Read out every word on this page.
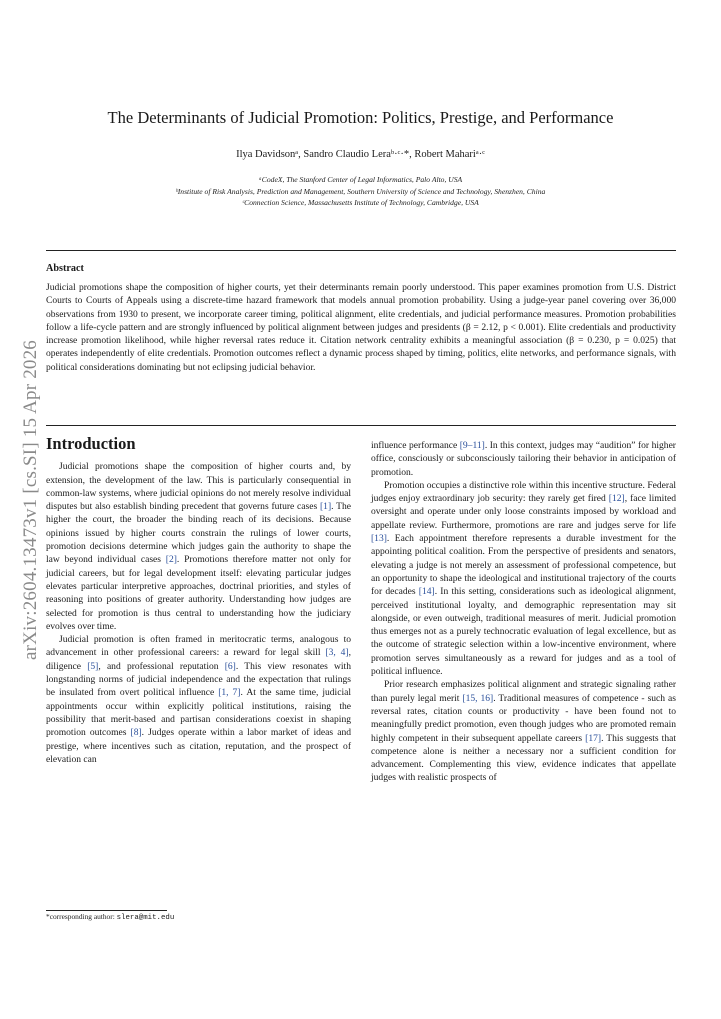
arXiv:2604.13473v1 [cs.SI] 15 Apr 2026
The Determinants of Judicial Promotion: Politics, Prestige, and Performance
Ilya Davidsonᵃ, Sandro Claudio Leraᵇ·ᶜ·*, Robert Mahariᵃ·ᶜ
ᵃCodeX, The Stanford Center of Legal Informatics, Palo Alto, USA
ᵇInstitute of Risk Analysis, Prediction and Management, Southern University of Science and Technology, Shenzhen, China
ᶜConnection Science, Massachusetts Institute of Technology, Cambridge, USA
Abstract
Judicial promotions shape the composition of higher courts, yet their determinants remain poorly understood. This paper examines promotion from U.S. District Courts to Courts of Appeals using a discrete-time hazard framework that models annual promotion probability. Using a judge-year panel covering over 36,000 observations from 1930 to present, we incorporate career timing, political alignment, elite credentials, and judicial performance measures. Promotion probabilities follow a life-cycle pattern and are strongly influenced by political alignment between judges and presidents (β = 2.12, p < 0.001). Elite credentials and productivity increase promotion likelihood, while higher reversal rates reduce it. Citation network centrality exhibits a meaningful association (β = 0.230, p = 0.025) that operates independently of elite credentials. Promotion outcomes reflect a dynamic process shaped by timing, politics, elite networks, and performance signals, with political considerations dominating but not eclipsing judicial behavior.
Introduction

Judicial promotions shape the composition of higher courts and, by extension, the development of the law. This is particularly consequential in common-law systems, where judicial opinions do not merely resolve individual disputes but also establish binding precedent that governs future cases [1]. The higher the court, the broader the binding reach of its decisions. Because opinions issued by higher courts constrain the rulings of lower courts, promotion decisions determine which judges gain the authority to shape the law beyond individual cases [2]. Promotions therefore matter not only for judicial careers, but for legal development itself: elevating particular judges elevates particular interpretive approaches, doctrinal priorities, and styles of reasoning into positions of greater authority. Understanding how judges are selected for promotion is thus central to understanding how the judiciary evolves over time.

Judicial promotion is often framed in meritocratic terms, analogous to advancement in other professional careers: a reward for legal skill [3, 4], diligence [5], and professional reputation [6]. This view resonates with longstanding norms of judicial independence and the expectation that rulings be insulated from overt political influence [1, 7]. At the same time, judicial appointments occur within explicitly political institutions, raising the possibility that merit-based and partisan considerations coexist in shaping promotion outcomes [8]. Judges operate within a labor market of ideas and prestige, where incentives such as citation, reputation, and the prospect of elevation can

influence performance [9–11]. In this context, judges may “audition” for higher office, consciously or subconsciously tailoring their behavior in anticipation of promotion.

Promotion occupies a distinctive role within this incentive structure. Federal judges enjoy extraordinary job security: they rarely get fired [12], face limited oversight and operate under only loose constraints imposed by workload and appellate review. Furthermore, promotions are rare and judges serve for life [13]. Each appointment therefore represents a durable investment for the appointing political coalition. From the perspective of presidents and senators, elevating a judge is not merely an assessment of professional competence, but an opportunity to shape the ideological and institutional trajectory of the courts for decades [14]. In this setting, considerations such as ideological alignment, perceived institutional loyalty, and demographic representation may sit alongside, or even outweigh, traditional measures of merit. Judicial promotion thus emerges not as a purely technocratic evaluation of legal excellence, but as the outcome of strategic selection within a low-incentive environment, where promotion serves simultaneously as a reward for judges and as a tool of political influence.

Prior research emphasizes political alignment and strategic signaling rather than purely legal merit [15, 16]. Traditional measures of competence - such as reversal rates, citation counts or productivity - have been found not to meaningfully predict promotion, even though judges who are promoted remain highly competent in their subsequent appellate careers [17]. This suggests that competence alone is neither a necessary nor a sufficient condition for advancement. Complementing this view, evidence indicates that appellate judges with realistic prospects of

*corresponding author: slera@mit.edu
